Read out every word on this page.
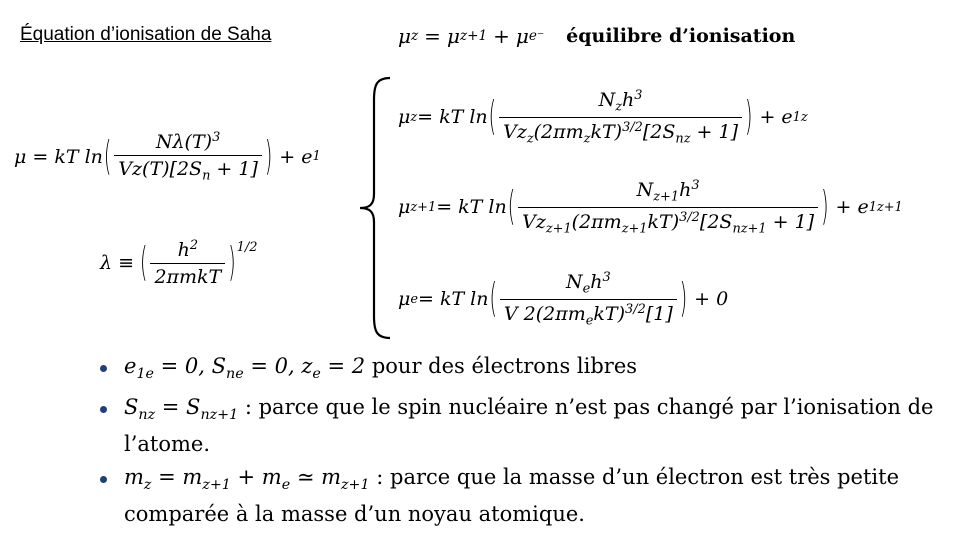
Équation d’ionisation de Saha	μ z = μ z+1 + μ e⁻ équilibre d’ionisation
μ = kT ln ( $\frac{N\lambda(T)^3}{Vz(T)[2S_n + 1]}$ ) + e 1
λ ≡ ( $\frac{h^2}{\text{2πmkT}} )^{1/2}$
μ z = kT ln ( $\frac{N_zh^3}{Vz_z(2\pi m_zkT)^{3/2}[2S_{nz} + 1]}$ ) + e 1z
μ z+1 = kT ln ( $\frac{N_{z+1}h^3}{Vz_{z+1}(2\pi m_{z+1}kT)^{3/2}[2S_{nz+1} + 1]}$ ) + e 1z+1
μ e = kT ln ( $\frac{N_eh^3}{V 2(2\pi m_ekT)^{3/2}[1]}$ ) + 0
$e_{1e} = 0$, $S_{ne} = 0$, $z_e = 2$ pour des électrons libres
$S_{nz} = S_{nz+1}$ : parce que le spin nucléaire n’est pas changé par l’ionisation de l’atome.
$m_z = m_{z+1} + m_e$ ≃ $m_{z+1}$ : parce que la masse d’un électron est très petite comparée à la masse d’un noyau atomique.
